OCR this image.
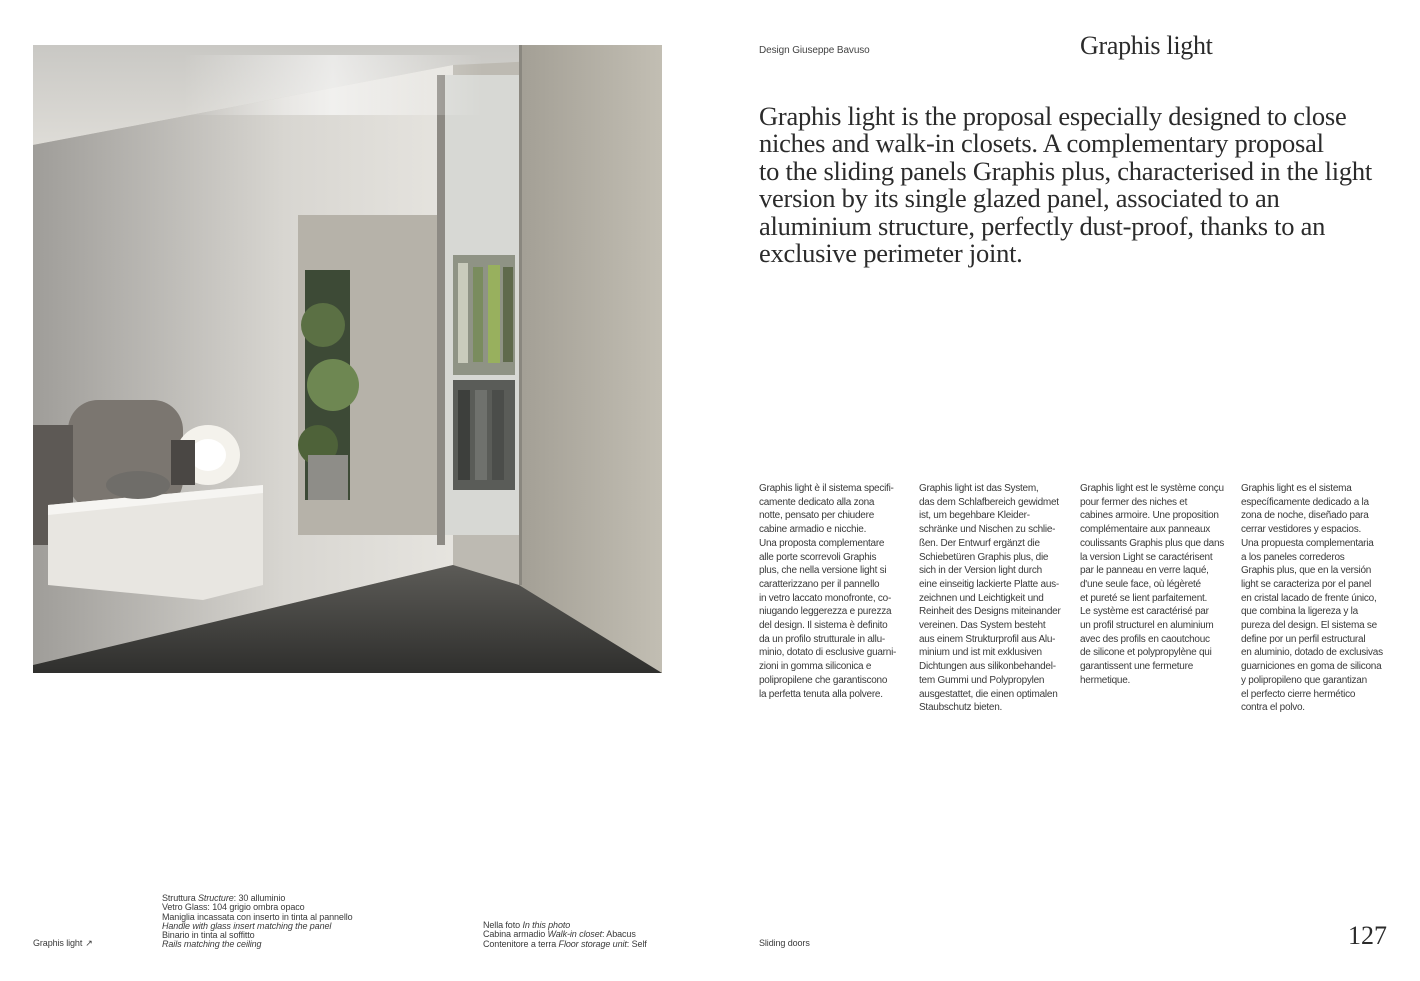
Design Giuseppe Bavuso	Graphis light
Graphis light is the proposal especially designed to close
niches and walk-in closets. A complementary proposal
to the sliding panels Graphis plus, characterised in the light
version by its single glazed panel, associated to an
aluminium structure, perfectly dust-proof, thanks to an
exclusive perimeter joint.
Graphis light è il sistema specifi-
camente dedicato alla zona
notte, pensato per chiudere
cabine armadio e nicchie.
Una proposta complementare
alle porte scorrevoli Graphis
plus, che nella versione light si
caratterizzano per il pannello
in vetro laccato monofronte, co-
niugando leggerezza e purezza
del design. Il sistema è definito
da un profilo strutturale in allu-
minio, dotato di esclusive guarni-
zioni in gomma siliconica e
polipropilene che garantiscono
la perfetta tenuta alla polvere.
Graphis light ist das System,
das dem Schlafbereich gewidmet
ist, um begehbare Kleider-
schränke und Nischen zu schlie-
ßen. Der Entwurf ergänzt die
Schiebetüren Graphis plus, die
sich in der Version light durch
eine einseitig lackierte Platte aus-
zeichnen und Leichtigkeit und
Reinheit des Designs miteinander
vereinen. Das System besteht
aus einem Strukturprofil aus Alu-
minium und ist mit exklusiven
Dichtungen aus silikonbehandel-
tem Gummi und Polypropylen
ausgestattet, die einen optimalen
Staubschutz bieten.
Graphis light est le système conçu
pour fermer des niches et
cabines armoire. Une proposition
complémentaire aux panneaux
coulissants Graphis plus que dans
la version Light se caractérisent
par le panneau en verre laqué,
d'une seule face, où légèreté
et pureté se lient parfaitement.
Le système est caractérisé par
un profil structurel en aluminium
avec des profils en caoutchouc
de silicone et polypropylène qui
garantissent une fermeture
hermetique.
Graphis light es el sistema
específicamente dedicado a la
zona de noche, diseñado para
cerrar vestidores y espacios.
Una propuesta complementaria
a los paneles correderos
Graphis plus, que en la versión
light se caracteriza por el panel
en cristal lacado de frente único,
que combina la ligereza y la
pureza del design. El sistema se
define por un perfil estructural
en aluminio, dotado de exclusivas
guarniciones en goma de silicona
y polipropileno que garantizan
el perfecto cierre hermético
contra el polvo.
Graphis light ↗
Struttura Structure: 30 alluminio
Vetro Glass: 104 grigio ombra opaco
Maniglia incassata con inserto in tinta al pannello
Handle with glass insert matching the panel
Binario in tinta al soffitto
Rails matching the ceiling
Nella foto In this photo
Cabina armadio Walk-in closet: Abacus
Contenitore a terra Floor storage unit: Self	Sliding doors	127
